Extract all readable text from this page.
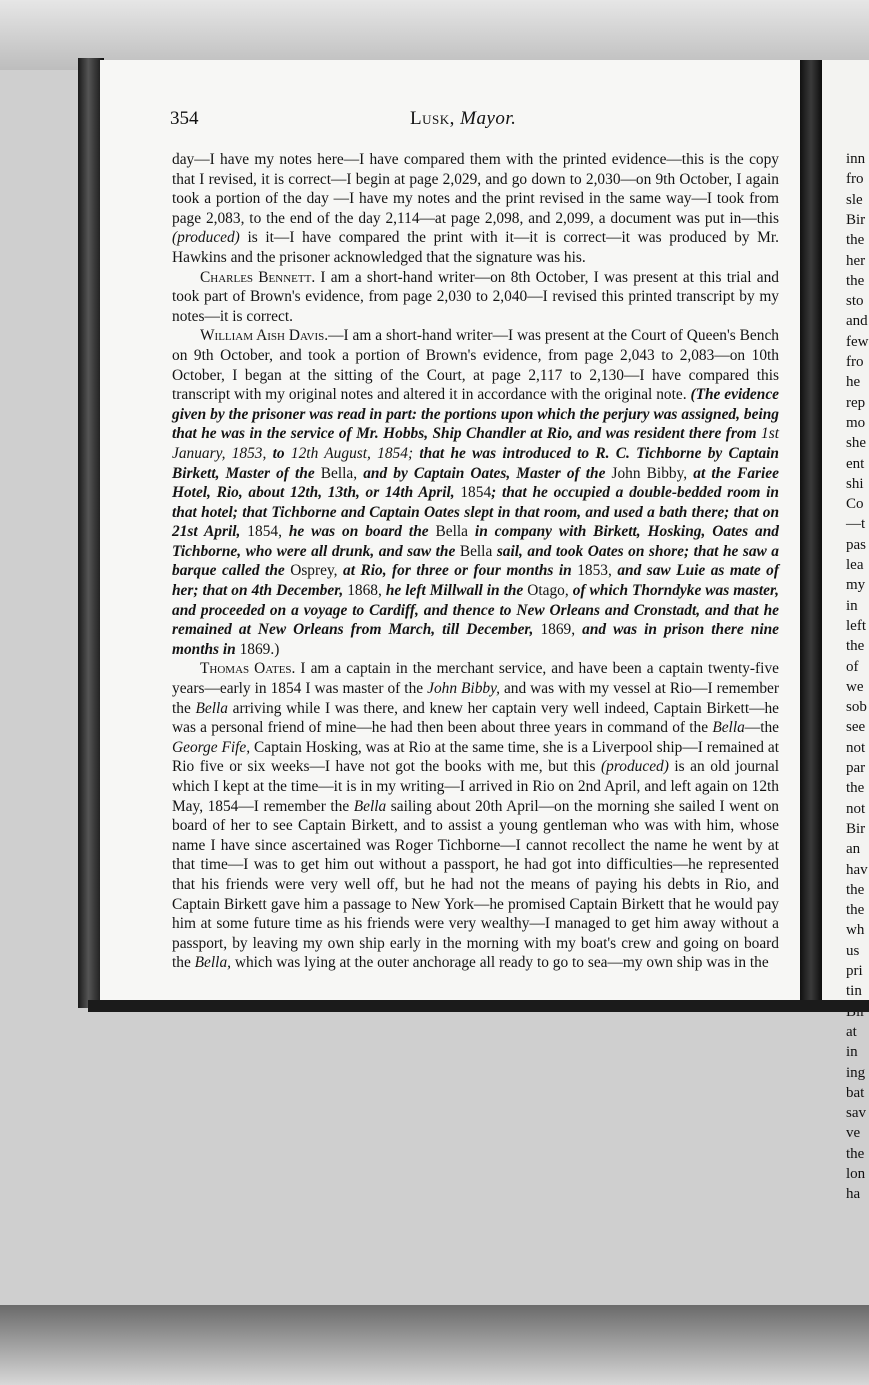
inn
fro
sle
Bir
the
her
the
sto
and
few
fro
he
rep
mo
she
ent
shi
Co
—t
pas
lea
my
in
left
the
of
we
sob
see
not
par
the
not
Bir
an
hav
the
the
wh
us
pri
tin
at
in
ing
bat
sav
ve
the
lon
ha
354	Lusk, Mayor.

day—I have my notes here—I have compared them with the printed evidence—this is the copy that I revised, it is correct—I begin at page 2,029, and go down to 2,030—on 9th October, I again took a portion of the day —I have my notes and the print revised in the same way—I took from page 2,083, to the end of the day 2,114—at page 2,098, and 2,099, a document was put in—this (produced) is it—I have compared the print with it—it is correct—it was produced by Mr. Hawkins and the prisoner acknowledged that the signature was his.

Charles Bennett. I am a short-hand writer—on 8th October, I was present at this trial and took part of Brown's evidence, from page 2,030 to 2,040—I revised this printed transcript by my notes—it is correct.

William Aish Davis.—I am a short-hand writer—I was present at the Court of Queen's Bench on 9th October, and took a portion of Brown's evidence, from page 2,043 to 2,083—on 10th October, I began at the sitting of the Court, at page 2,117 to 2,130—I have compared this transcript with my original notes and altered it in accordance with the original note. (The evidence given by the prisoner was read in part: the portions upon which the perjury was assigned, being that he was in the service of Mr. Hobbs, Ship Chandler at Rio, and was resident there from 1st January, 1853, to 12th August, 1854; that he was introduced to R. C. Tichborne by Captain Birkett, Master of the Bella, and by Captain Oates, Master of the John Bibby, at the Fariee Hotel, Rio, about 12th, 13th, or 14th April, 1854; that he occupied a double-bedded room in that hotel; that Tichborne and Captain Oates slept in that room, and used a bath there; that on 21st April, 1854, he was on board the Bella in company with Birkett, Hosking, Oates and Tichborne, who were all drunk, and saw the Bella sail, and took Oates on shore; that he saw a barque called the Osprey, at Rio, for three or four months in 1853, and saw Luie as mate of her; that on 4th December, 1868, he left Millwall in the Otago, of which Thorndyke was master, and proceeded on a voyage to Cardiff, and thence to New Orleans and Cronstadt, and that he remained at New Orleans from March, till December, 1869, and was in prison there nine months in 1869.)

Thomas Oates. I am a captain in the merchant service, and have been a captain twenty-five years—early in 1854 I was master of the John Bibby, and was with my vessel at Rio—I remember the Bella arriving while I was there, and knew her captain very well indeed, Captain Birkett—he was a personal friend of mine—he had then been about three years in command of the Bella—the George Fife, Captain Hosking, was at Rio at the same time, she is a Liverpool ship—I remained at Rio five or six weeks—I have not got the books with me, but this (produced) is an old journal which I kept at the time—it is in my writing—I arrived in Rio on 2nd April, and left again on 12th May, 1854—I remember the Bella sailing about 20th April—on the morning she sailed I went on board of her to see Captain Birkett, and to assist a young gentleman who was with him, whose name I have since ascertained was Roger Tichborne—I cannot recollect the name he went by at that time—I was to get him out without a passport, he had got into difficulties—he represented that his friends were very well off, but he had not the means of paying his debts in Rio, and Captain Birkett gave him a passage to New York—he promised Captain Birkett that he would pay him at some future time as his friends were very wealthy—I managed to get him away without a passport, by leaving my own ship early in the morning with my boat's crew and going on board the Bella, which was lying at the outer anchorage all ready to go to sea—my own ship was in the
